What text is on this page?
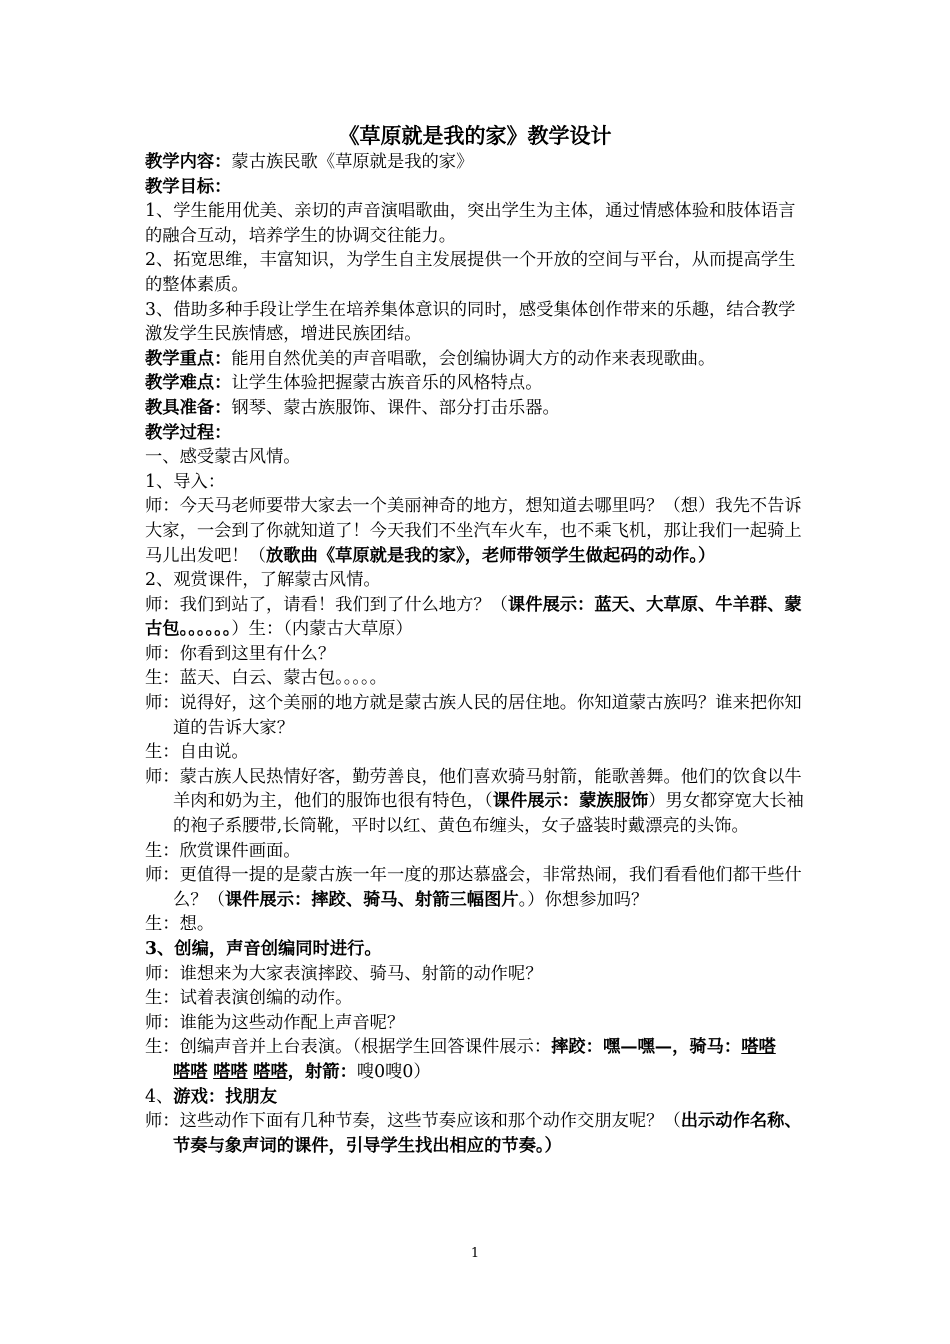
《草原就是我的家》教学设计

教学内容：蒙古族民歌《草原就是我的家》

教学目标：

1、学生能用优美、亲切的声音演唱歌曲，突出学生为主体，通过情感体验和肢体语言的融合互动，培养学生的协调交往能力。

2、拓宽思维，丰富知识，为学生自主发展提供一个开放的空间与平台，从而提高学生的整体素质。

3、借助多种手段让学生在培养集体意识的同时，感受集体创作带来的乐趣，结合教学激发学生民族情感，增进民族团结。

教学重点：能用自然优美的声音唱歌，会创编协调大方的动作来表现歌曲。

教学难点：让学生体验把握蒙古族音乐的风格特点。

教具准备：钢琴、蒙古族服饰、课件、部分打击乐器。

教学过程：

一、感受蒙古风情。

1、导入：

师：今天马老师要带大家去一个美丽神奇的地方，想知道去哪里吗？（想）我先不告诉大家，一会到了你就知道了！今天我们不坐汽车火车，也不乘飞机，那让我们一起骑上马儿出发吧！（放歌曲《草原就是我的家》，老师带领学生做起码的动作。）

2、观赏课件，了解蒙古风情。

师：我们到站了，请看！我们到了什么地方？（课件展示：蓝天、大草原、牛羊群、蒙古包。。。。。。）生：（内蒙古大草原）

师：你看到这里有什么？

生：蓝天、白云、蒙古包。。。。。

师：说得好，这个美丽的地方就是蒙古族人民的居住地。你知道蒙古族吗？谁来把你知道的告诉大家？

生：自由说。

师：蒙古族人民热情好客，勤劳善良，他们喜欢骑马射箭，能歌善舞。他们的饮食以牛羊肉和奶为主，他们的服饰也很有特色，（课件展示：蒙族服饰）男女都穿宽大长袖的袍子系腰带,长筒靴，平时以红、黄色布缠头，女子盛装时戴漂亮的头饰。

生：欣赏课件画面。

师：更值得一提的是蒙古族一年一度的那达慕盛会，非常热闹，我们看看他们都干些什么？（课件展示：摔跤、骑马、射箭三幅图片。）你想参加吗？

生：想。

3、创编，声音创编同时进行。

师：谁想来为大家表演摔跤、骑马、射箭的动作呢？

生：试着表演创编的动作。

师：谁能为这些动作配上声音呢？

生：创编声音并上台表演。（根据学生回答课件展示：摔跤：嘿—嘿—，骑马：嗒嗒
嗒嗒 嗒嗒 嗒嗒，射箭：嗖0嗖0）

4、游戏：找朋友

师：这些动作下面有几种节奏，这些节奏应该和那个动作交朋友呢？（出示动作名称、节奏与象声词的课件，引导学生找出相应的节奏。）

1
